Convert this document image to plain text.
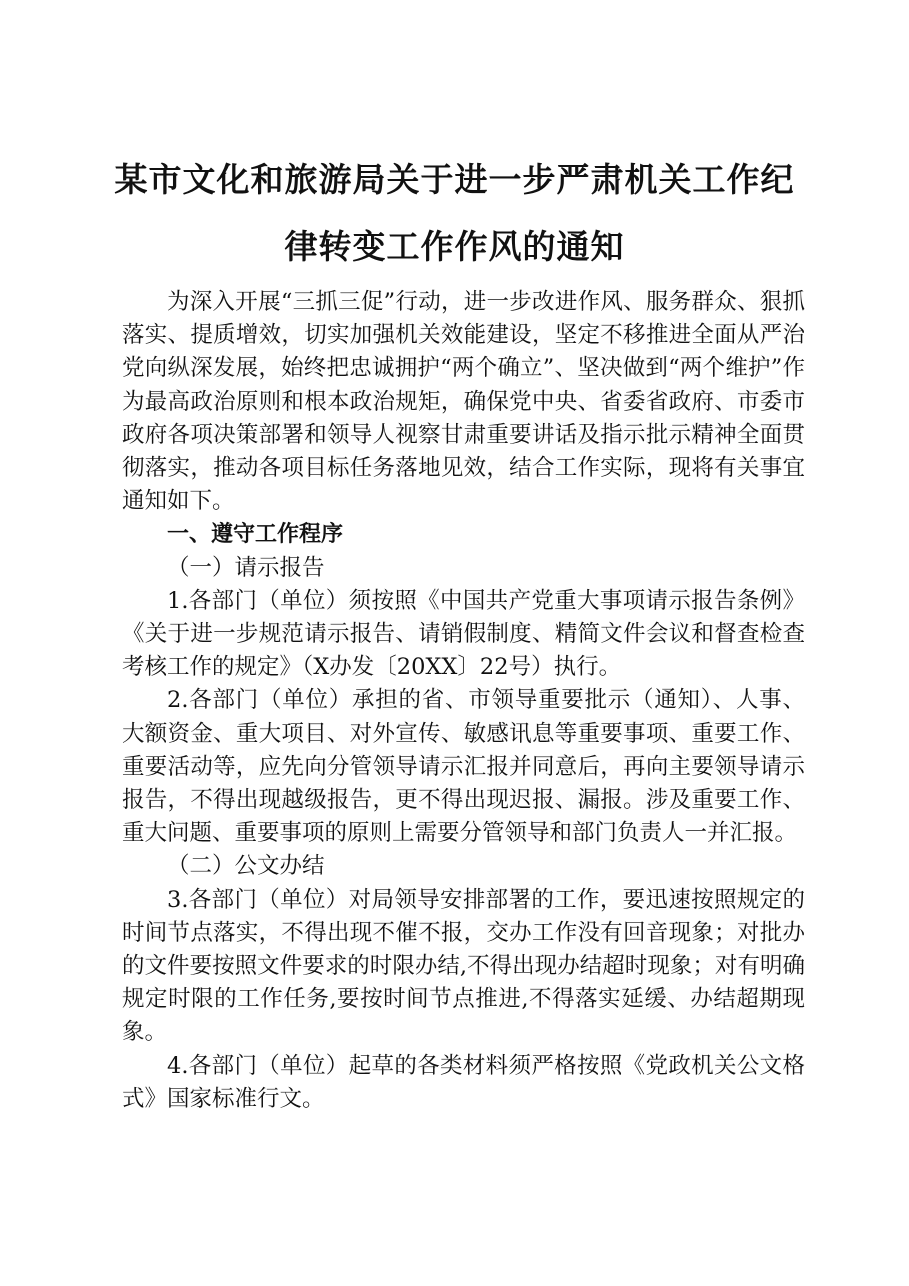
某市文化和旅游局关于进一步严肃机关工作纪
律转变工作作风的通知

为深入开展“三抓三促”行动，进一步改进作风、服务群众、狠抓落实、提质增效，切实加强机关效能建设，坚定不移推进全面从严治党向纵深发展，始终把忠诚拥护“两个确立”、坚决做到“两个维护”作为最高政治原则和根本政治规矩，确保党中央、省委省政府、市委市政府各项决策部署和领导人视察甘肃重要讲话及指示批示精神全面贯彻落实，推动各项目标任务落地见效，结合工作实际，现将有关事宜通知如下。

一、遵守工作程序

（一）请示报告

1.各部门（单位）须按照《中国共产党重大事项请示报告条例》《关于进一步规范请示报告、请销假制度、精简文件会议和督查检查考核工作的规定》（X办发〔20XX〕22号）执行。

2.各部门（单位）承担的省、市领导重要批示（通知）、人事、大额资金、重大项目、对外宣传、敏感讯息等重要事项、重要工作、重要活动等，应先向分管领导请示汇报并同意后，再向主要领导请示报告，不得出现越级报告，更不得出现迟报、漏报。涉及重要工作、重大问题、重要事项的原则上需要分管领导和部门负责人一并汇报。

（二）公文办结

3.各部门（单位）对局领导安排部署的工作，要迅速按照规定的时间节点落实，不得出现不催不报，交办工作没有回音现象；对批办的文件要按照文件要求的时限办结,不得出现办结超时现象；对有明确规定时限的工作任务,要按时间节点推进,不得落实延缓、办结超期现象。

4.各部门（单位）起草的各类材料须严格按照《党政机关公文格式》国家标准行文。
